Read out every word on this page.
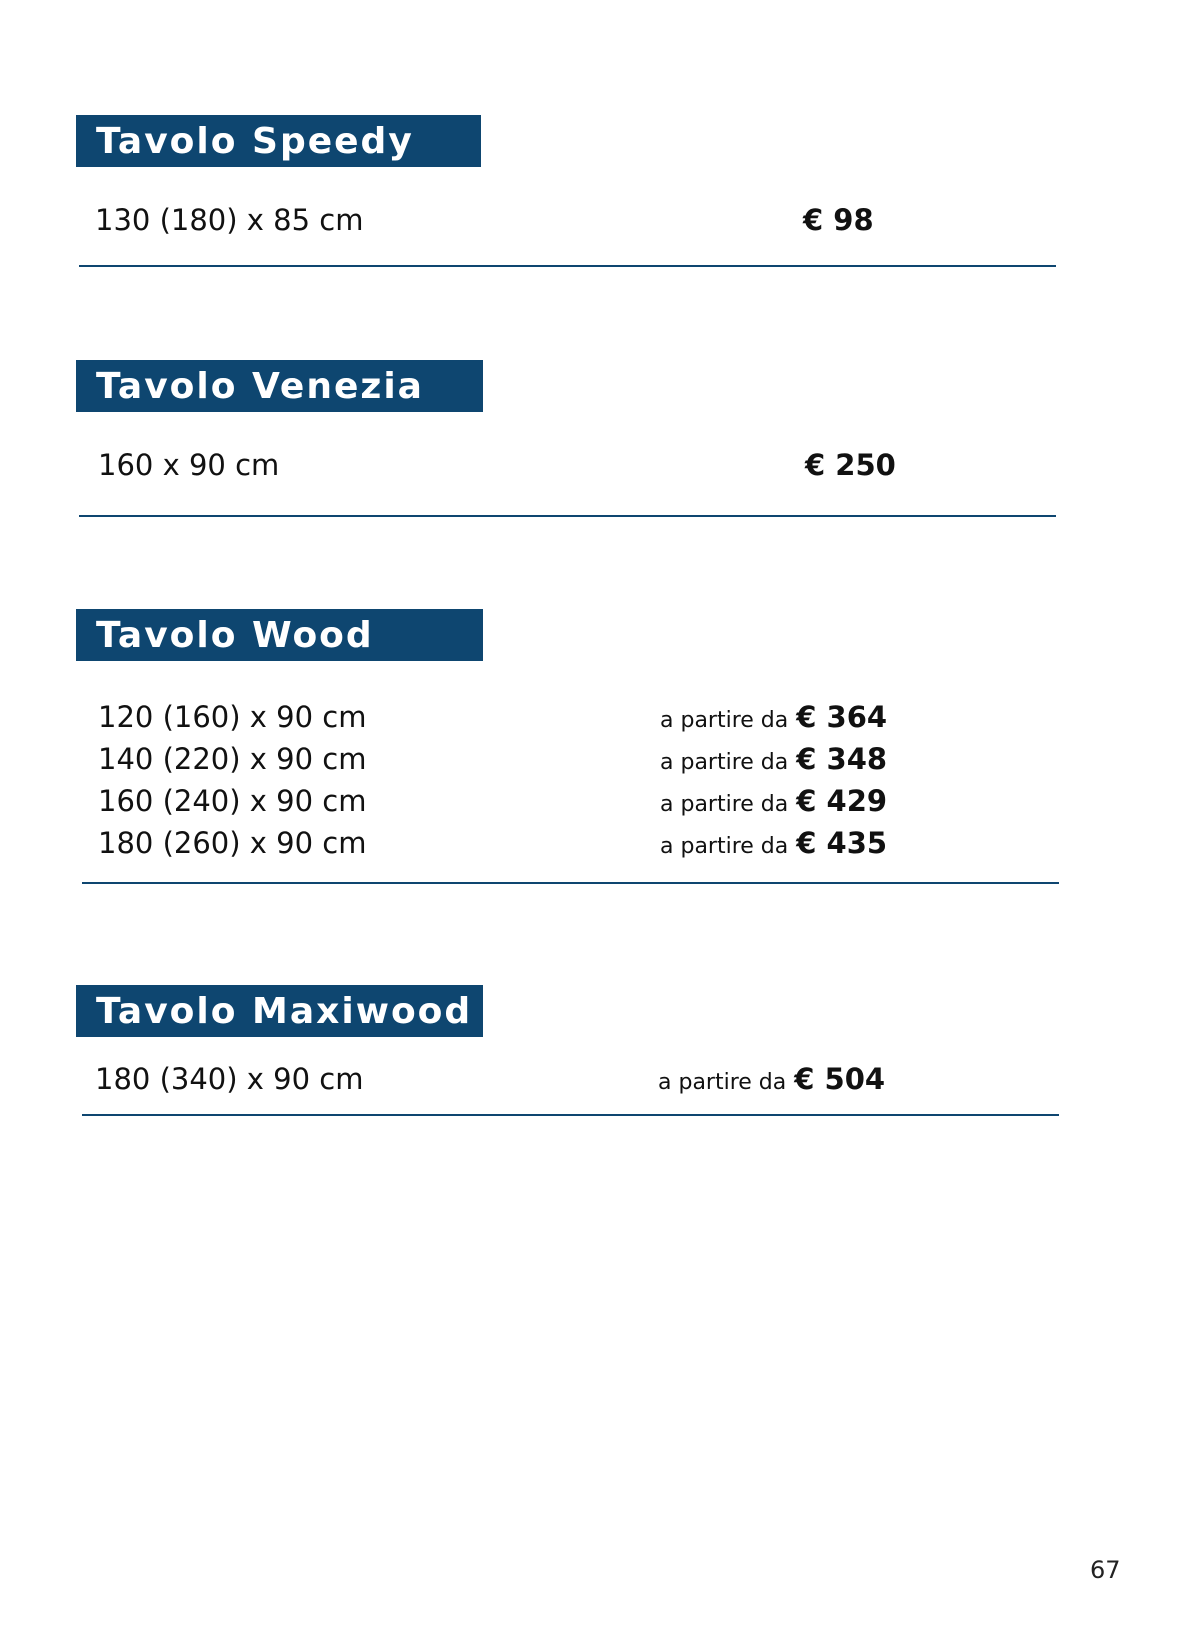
Tavolo Speedy
130 (180) x 85 cm	€ 98
Tavolo Venezia
160 x 90 cm	€ 250
Tavolo Wood
120 (160) x 90 cm	a partire da € 364
140 (220) x 90 cm	a partire da € 348
160 (240) x 90 cm	a partire da € 429
180 (260) x 90 cm	a partire da € 435
Tavolo Maxiwood
180 (340) x 90 cm	a partire da € 504
67
